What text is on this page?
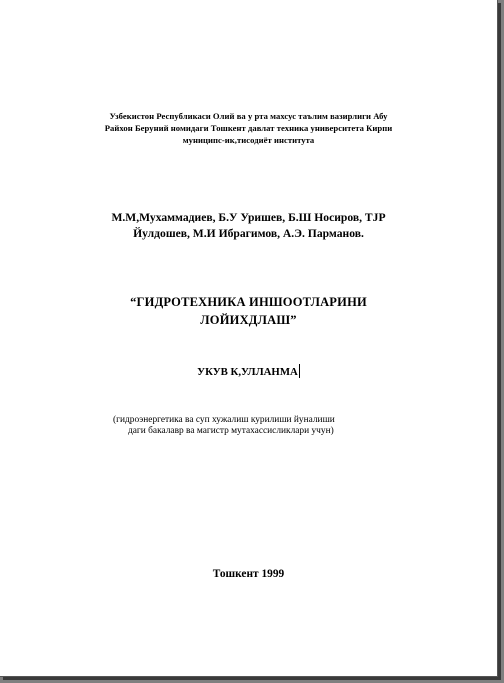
Узбекистон Республикаси Олий ва у рта махсус таълим вазирлиги Абу
Райхон Беруний номидаги Тошкент давлат техника университета Кирпи
муниципс-ик,тиcодиёт институтa
М.М,Мухаммадиев, Б.У Уришев, Б.Ш Носиров, ТЈР
Йулдошев, М.И Ибрагимов, А.Э. Парманов.
“ГИДРОТЕХНИКА ИНШООТЛАРИНИ
ЛОЙИХДЛАШ”
УКУВ К,УЛЛАНМА
(гидроэнергетика ва суп хужалиш курилиши йуналиши
даги бакалавр ва магистр мутахассисликлари учун)
Тошкент 1999
